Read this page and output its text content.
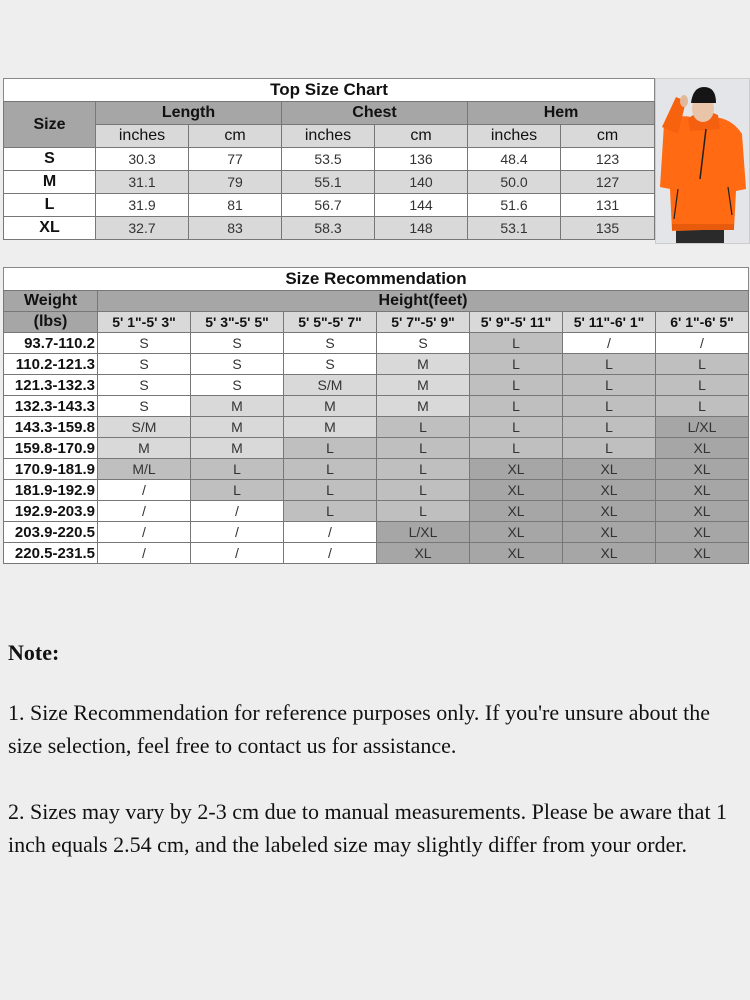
Top Size Chart						
Size	Length		Chest		Hem	
	inches	cm	inches	cm	inches	cm
S	30.3	77	53.5	136	48.4	123
M	31.1	79	55.1	140	50.0	127
L	31.9	81	56.7	144	51.6	131
XL	32.7	83	58.3	148	53.1	135
Size Recommendation							
Weight	Height(feet)						
(lbs)	5' 1"-5' 3"	5' 3"-5' 5"	5' 5"-5' 7"	5' 7"-5' 9"	5' 9"-5' 11"	5' 11"-6' 1"	6' 1"-6' 5"
93.7-110.2	S	S	S	S	L	/	/
110.2-121.3	S	S	S	M	L	L	L
121.3-132.3	S	S	S/M	M	L	L	L
132.3-143.3	S	M	M	M	L	L	L
143.3-159.8	S/M	M	M	L	L	L	L/XL
159.8-170.9	M	M	L	L	L	L	XL
170.9-181.9	M/L	L	L	L	XL	XL	XL
181.9-192.9	/	L	L	L	XL	XL	XL
192.9-203.9	/	/	L	L	XL	XL	XL
203.9-220.5	/	/	/	L/XL	XL	XL	XL
220.5-231.5	/	/	/	XL	XL	XL	XL
Note:

1. Size Recommendation for reference purposes only. If you're unsure about the size selection, feel free to contact us for assistance.

2. Sizes may vary by 2-3 cm due to manual measurements. Please be aware that 1 inch equals 2.54 cm, and the labeled size may slightly differ from your order.
